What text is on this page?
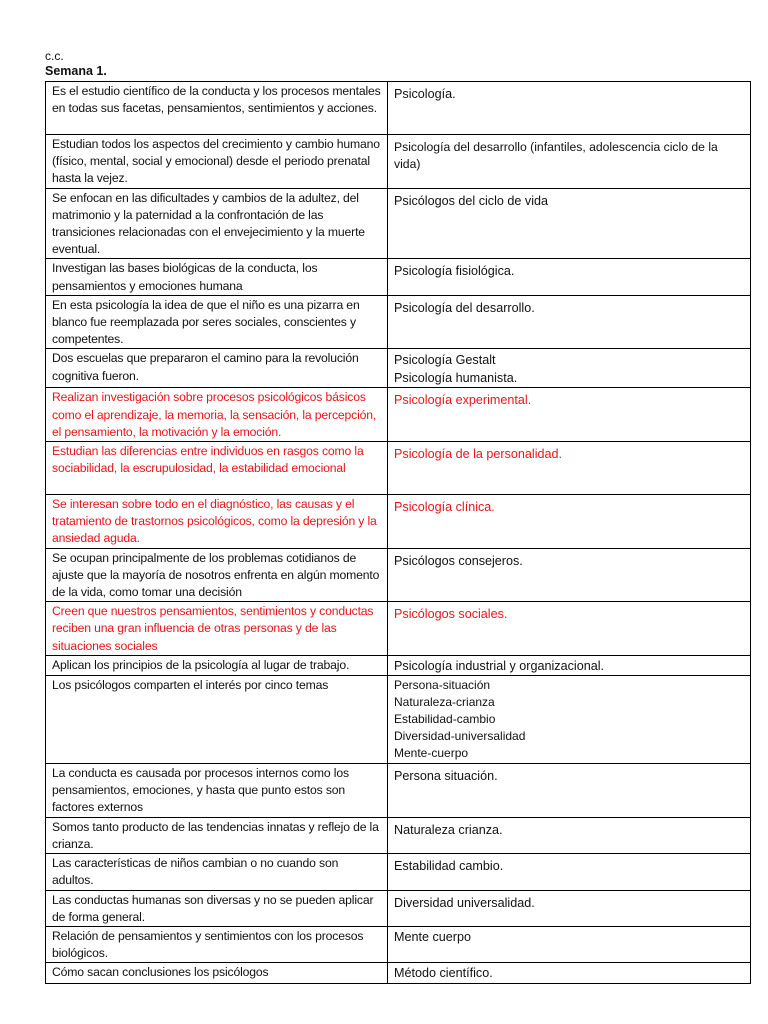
c.c.
Semana 1.
Es el estudio científico de la conducta y los procesos mentales en todas sus facetas, pensamientos, sentimientos y acciones.	Psicología.
Estudian todos los aspectos del crecimiento y cambio humano (físico, mental, social y emocional) desde el periodo prenatal hasta la vejez.	Psicología del desarrollo (infantiles, adolescencia ciclo de la vida)
Se enfocan en las dificultades y cambios de la adultez, del matrimonio y la paternidad a la confrontación de las transiciones relacionadas con el envejecimiento y la muerte eventual.	Psicólogos del ciclo de vida
Investigan las bases biológicas de la conducta, los pensamientos y emociones humana	Psicología fisiológica.
En esta psicología la idea de que el niño es una pizarra en blanco fue reemplazada por seres sociales, conscientes y competentes.	Psicología del desarrollo.
Dos escuelas que prepararon el camino para la revolución cognitiva fueron.	Psicología Gestalt
Psicología humanista.

Realizan investigación sobre procesos psicológicos básicos como el aprendizaje, la memoria, la sensación, la percepción, el pensamiento, la motivación y la emoción.	Psicología experimental.
Estudian las diferencias entre individuos en rasgos como la sociabilidad, la escrupulosidad, la estabilidad emocional	Psicología de la personalidad.
Se interesan sobre todo en el diagnóstico, las causas y el tratamiento de trastornos psicológicos, como la depresión y la ansiedad aguda.	Psicología clínica.
Se ocupan principalmente de los problemas cotidianos de ajuste que la mayoría de nosotros enfrenta en algún momento de la vida, como tomar una decisión	Psicólogos consejeros.
Creen que nuestros pensamientos, sentimientos y conductas reciben una gran influencia de otras personas y de las situaciones sociales	Psicólogos sociales.
Aplican los principios de la psicología al lugar de trabajo.	Psicología industrial y organizacional.
Los psicólogos comparten el interés por cinco temas	Persona-situación
Naturaleza-crianza
Estabilidad-cambio
Diversidad-universalidad
Mente-cuerpo

La conducta es causada por procesos internos como los pensamientos, emociones, y hasta que punto estos son factores externos	Persona situación.
Somos tanto producto de las tendencias innatas y reflejo de la crianza.	Naturaleza crianza.
Las características de niños cambian o no cuando son adultos.	Estabilidad cambio.
Las conductas humanas son diversas y no se pueden aplicar de forma general.	Diversidad universalidad.
Relación de pensamientos y sentimientos con los procesos biológicos.	Mente cuerpo
Cómo sacan conclusiones los psicólogos	Método científico.
